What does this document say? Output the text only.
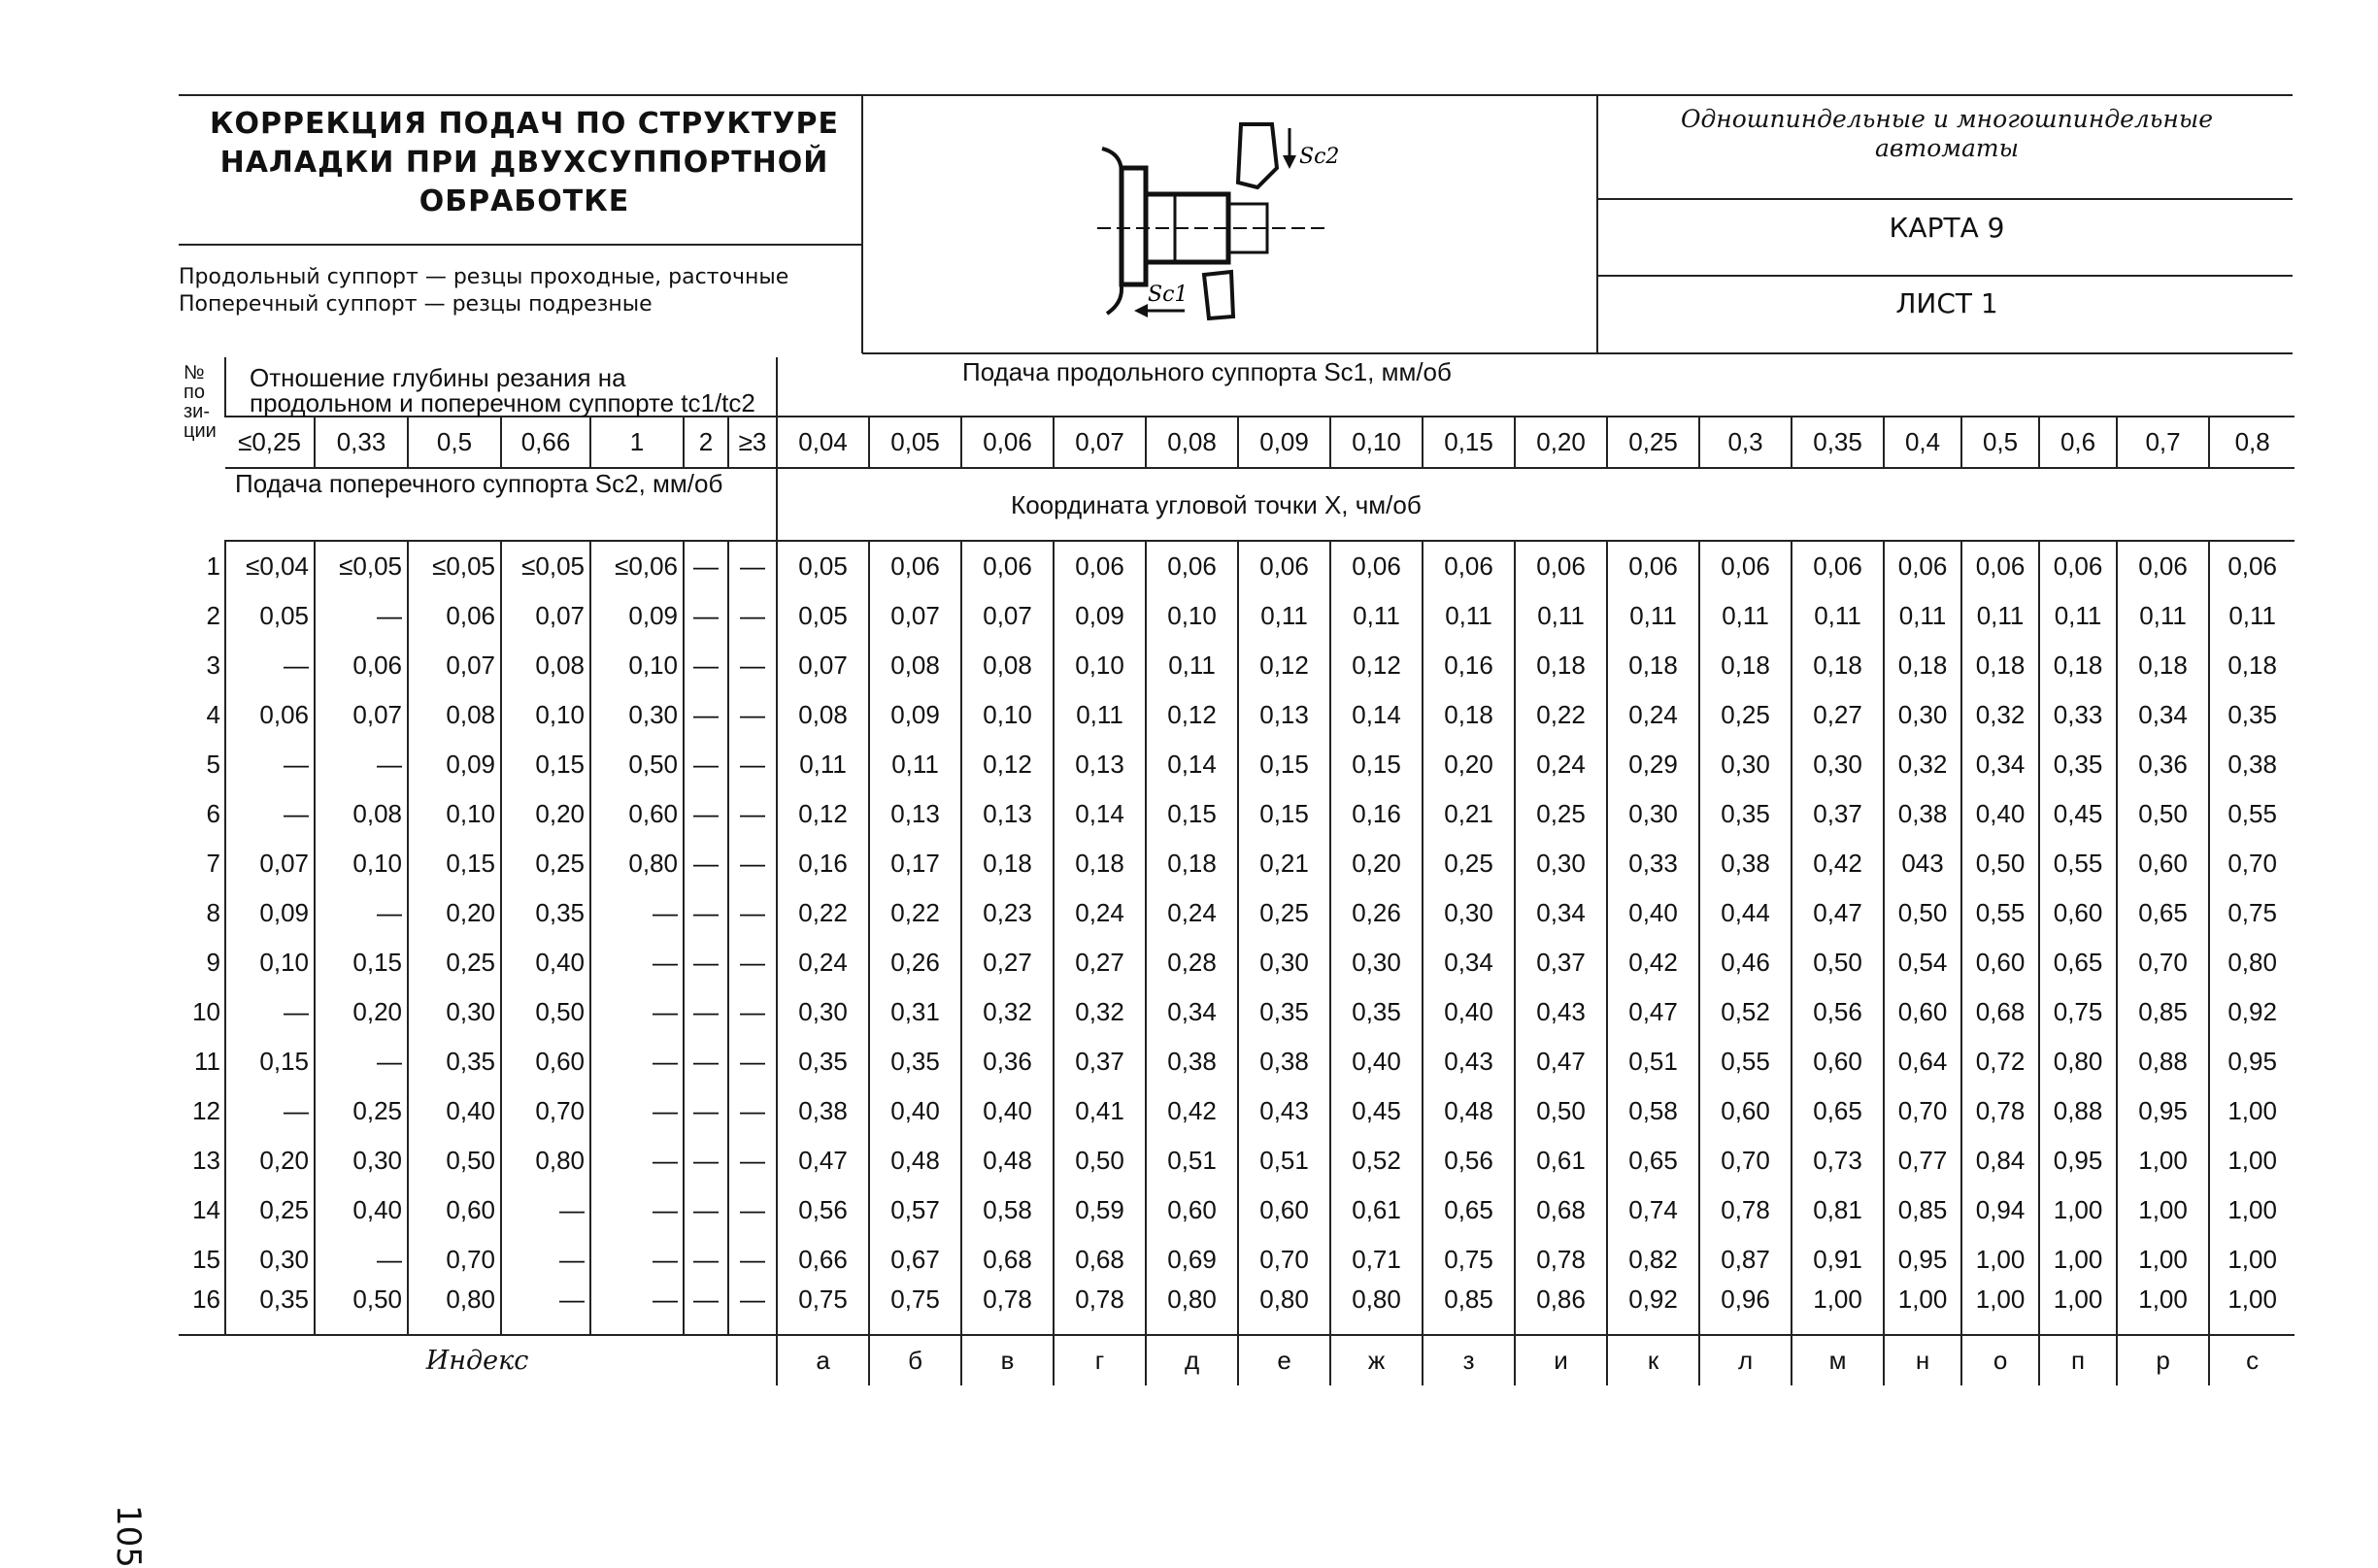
КОРРЕКЦИЯ ПОДАЧ ПО СТРУКТУРЕ
НАЛАДКИ ПРИ ДВУХСУППОРТНОЙ
ОБРАБОТКЕ
Продольный суппорт — резцы проходные, расточные
Поперечный суппорт — резцы подрезные
Одношпиндельные и многошпиндельные
автоматы
КАРТА 9
ЛИСТ 1
Sc2
Sc1
№
по
зи-
ции	Отношение глубины резания на продольном и поперечном суппорте tc1/tc2							Подача продольного суппорта Sc1, мм/об																
	≤0,25	0,33	0,5	0,66	1	2	≥3	0,04	0,05	0,06	0,07	0,08	0,09	0,10	0,15	0,20	0,25	0,3	0,35	0,4	0,5	0,6	0,7	0,8
	Подача поперечного суппорта Sc2, мм/об							Координата угловой точки X, чм/об																
1	≤0,04	≤0,05	≤0,05	≤0,05	≤0,06	—	—	0,05	0,06	0,06	0,06	0,06	0,06	0,06	0,06	0,06	0,06	0,06	0,06	0,06	0,06	0,06	0,06	0,06
2	0,05	—	0,06	0,07	0,09	—	—	0,05	0,07	0,07	0,09	0,10	0,11	0,11	0,11	0,11	0,11	0,11	0,11	0,11	0,11	0,11	0,11	0,11
3	—	0,06	0,07	0,08	0,10	—	—	0,07	0,08	0,08	0,10	0,11	0,12	0,12	0,16	0,18	0,18	0,18	0,18	0,18	0,18	0,18	0,18	0,18
4	0,06	0,07	0,08	0,10	0,30	—	—	0,08	0,09	0,10	0,11	0,12	0,13	0,14	0,18	0,22	0,24	0,25	0,27	0,30	0,32	0,33	0,34	0,35
5	—	—	0,09	0,15	0,50	—	—	0,11	0,11	0,12	0,13	0,14	0,15	0,15	0,20	0,24	0,29	0,30	0,30	0,32	0,34	0,35	0,36	0,38
6	—	0,08	0,10	0,20	0,60	—	—	0,12	0,13	0,13	0,14	0,15	0,15	0,16	0,21	0,25	0,30	0,35	0,37	0,38	0,40	0,45	0,50	0,55
7	0,07	0,10	0,15	0,25	0,80	—	—	0,16	0,17	0,18	0,18	0,18	0,21	0,20	0,25	0,30	0,33	0,38	0,42	043	0,50	0,55	0,60	0,70
8	0,09	—	0,20	0,35	—	—	—	0,22	0,22	0,23	0,24	0,24	0,25	0,26	0,30	0,34	0,40	0,44	0,47	0,50	0,55	0,60	0,65	0,75
9	0,10	0,15	0,25	0,40	—	—	—	0,24	0,26	0,27	0,27	0,28	0,30	0,30	0,34	0,37	0,42	0,46	0,50	0,54	0,60	0,65	0,70	0,80
10	—	0,20	0,30	0,50	—	—	—	0,30	0,31	0,32	0,32	0,34	0,35	0,35	0,40	0,43	0,47	0,52	0,56	0,60	0,68	0,75	0,85	0,92
11	0,15	—	0,35	0,60	—	—	—	0,35	0,35	0,36	0,37	0,38	0,38	0,40	0,43	0,47	0,51	0,55	0,60	0,64	0,72	0,80	0,88	0,95
12	—	0,25	0,40	0,70	—	—	—	0,38	0,40	0,40	0,41	0,42	0,43	0,45	0,48	0,50	0,58	0,60	0,65	0,70	0,78	0,88	0,95	1,00
13	0,20	0,30	0,50	0,80	—	—	—	0,47	0,48	0,48	0,50	0,51	0,51	0,52	0,56	0,61	0,65	0,70	0,73	0,77	0,84	0,95	1,00	1,00
14	0,25	0,40	0,60	—	—	—	—	0,56	0,57	0,58	0,59	0,60	0,60	0,61	0,65	0,68	0,74	0,78	0,81	0,85	0,94	1,00	1,00	1,00
15	0,30	—	0,70	—	—	—	—	0,66	0,67	0,68	0,68	0,69	0,70	0,71	0,75	0,78	0,82	0,87	0,91	0,95	1,00	1,00	1,00	1,00
16	0,35	0,50	0,80	—	—	—	—	0,75	0,75	0,78	0,78	0,80	0,80	0,80	0,85	0,86	0,92	0,96	1,00	1,00	1,00	1,00	1,00	1,00
Индекс								а	б	в	г	д	е	ж	з	и	к	л	м	н	о	п	р	с
105
